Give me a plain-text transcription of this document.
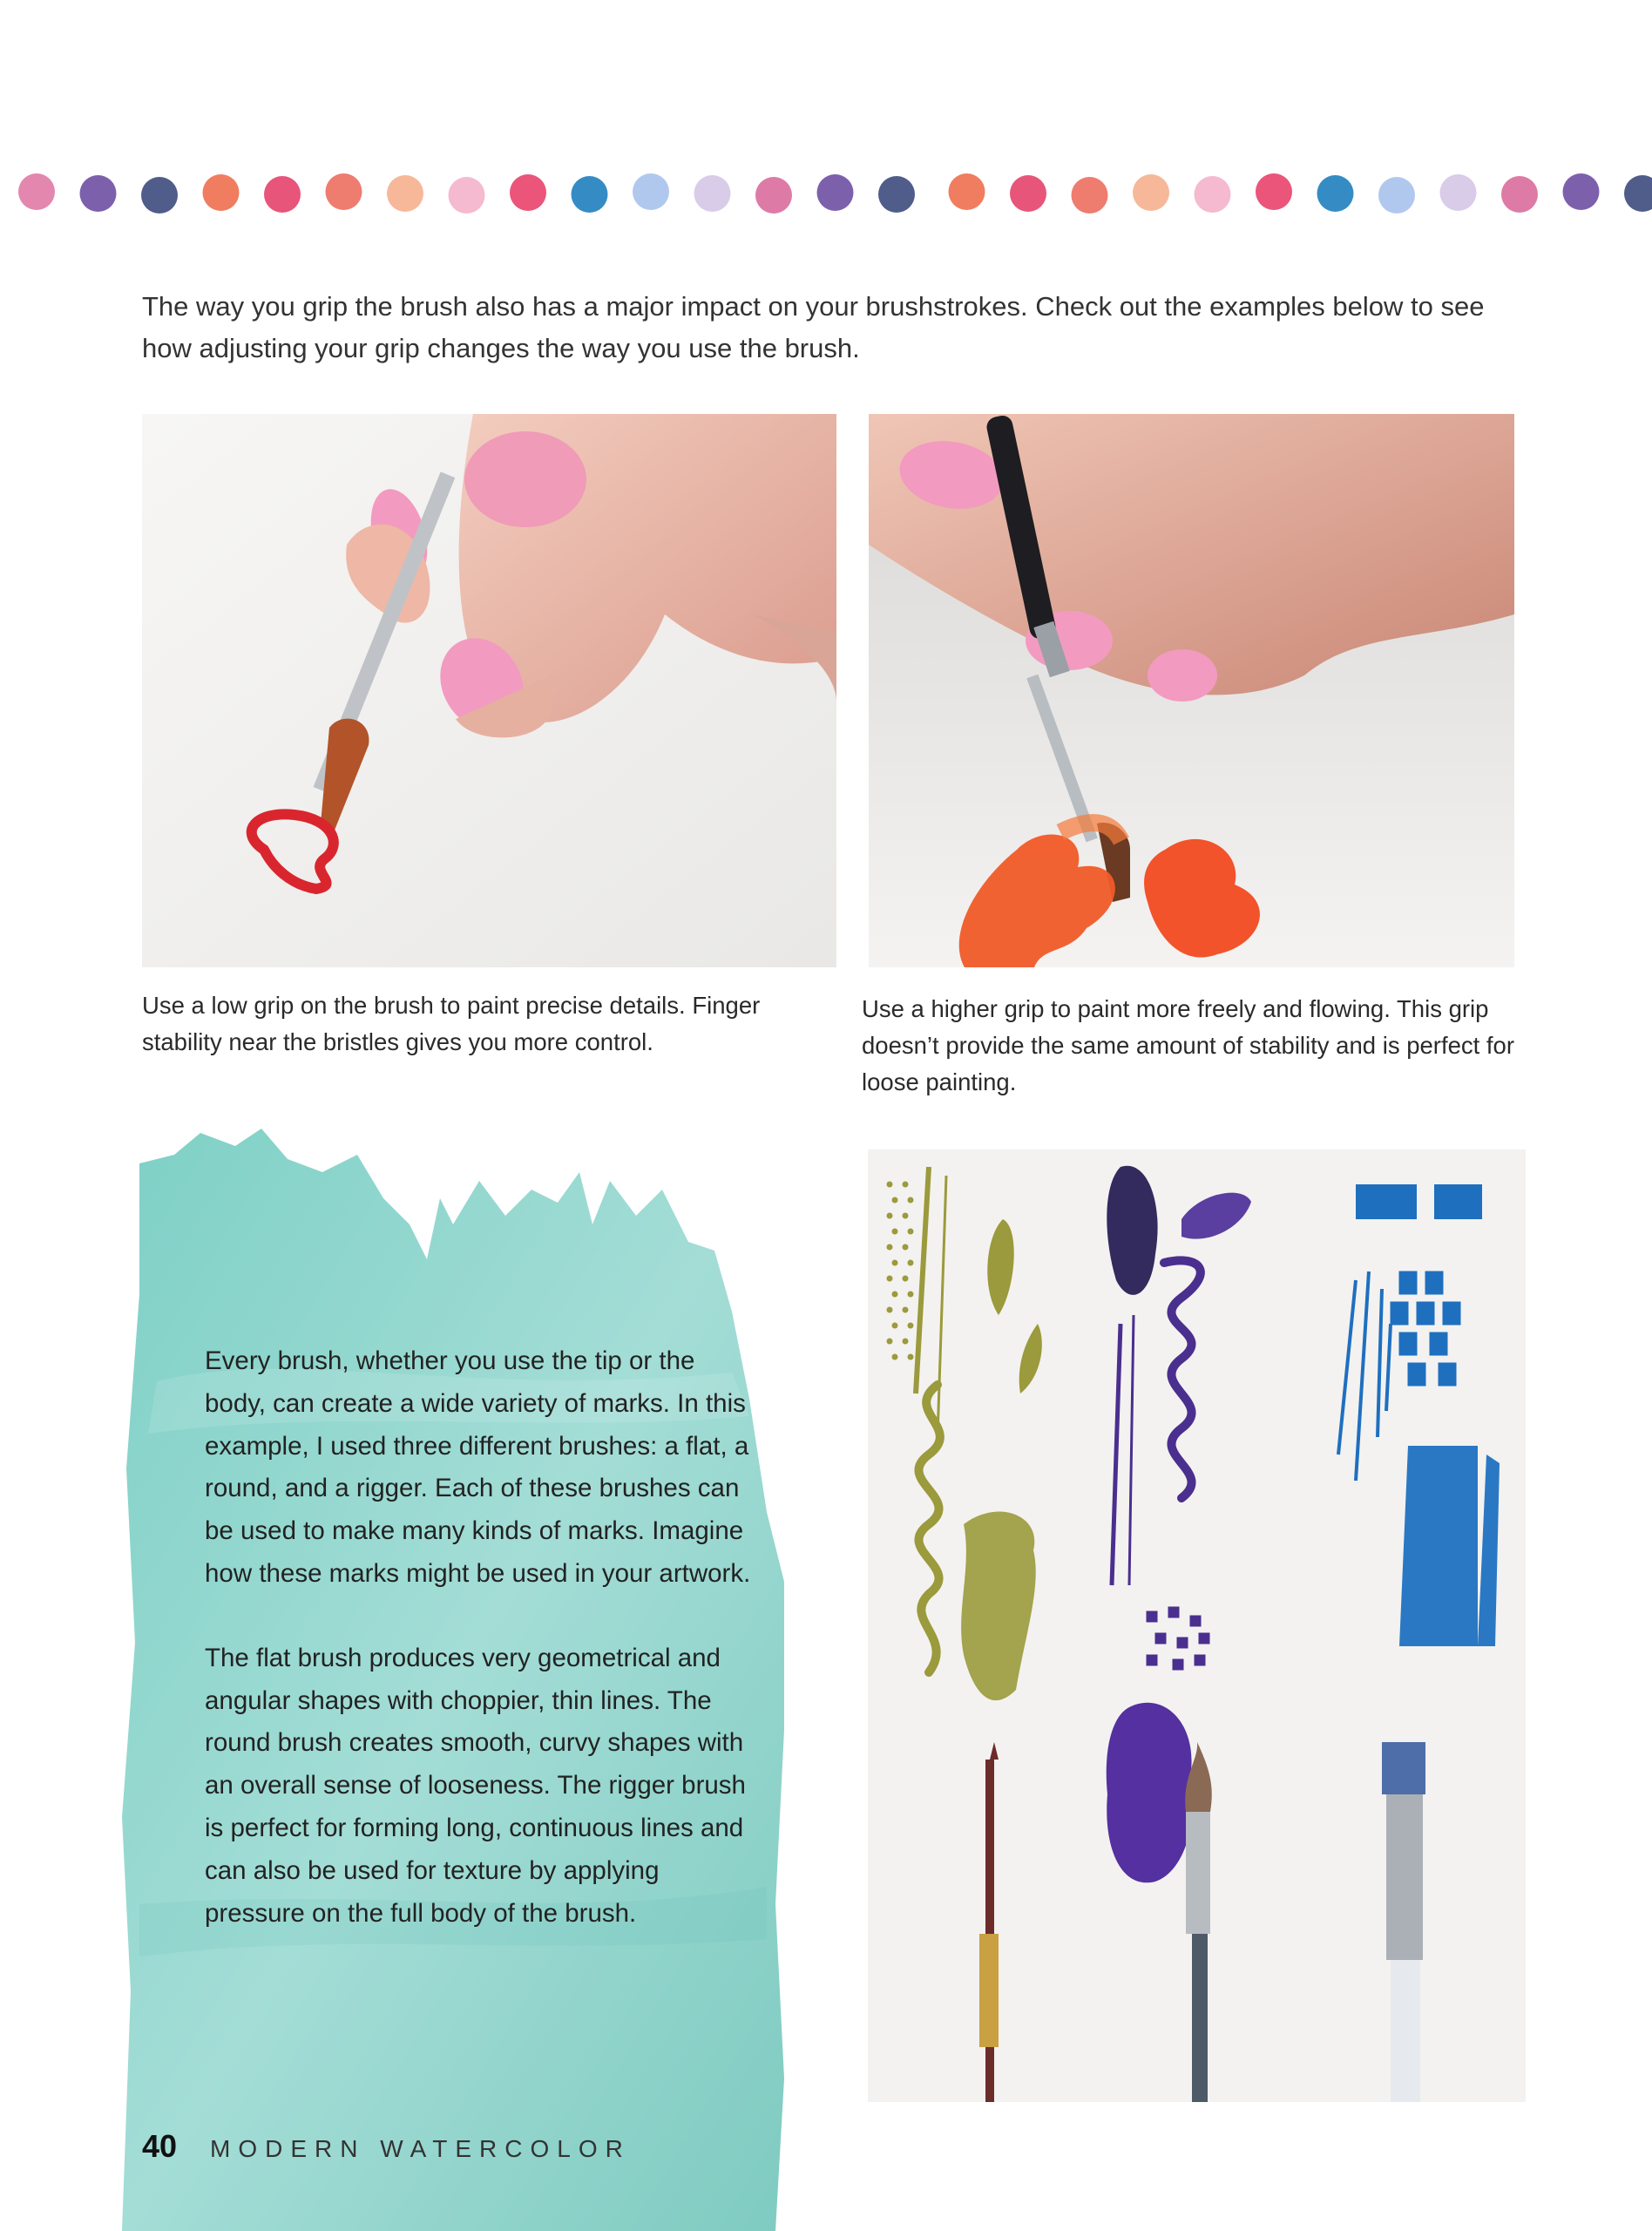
The way you grip the brush also has a major impact on your brushstrokes. Check out the examples below to see how adjusting your grip changes the way you use the brush.
Use a low grip on the brush to paint precise details. Finger stability near the bristles gives you more control.
Use a higher grip to paint more freely and flowing. This grip doesn’t provide the same amount of stability and is perfect for loose painting.

Every brush, whether you use the tip or the body, can create a wide variety of marks. In this example, I used three different brushes: a flat, a round, and a rigger. Each of these brushes can be used to make many kinds of marks. Imagine how these marks might be used in your artwork.

The flat brush produces very geometrical and angular shapes with choppier, thin lines. The round brush creates smooth, curvy shapes with an overall sense of looseness. The rigger brush is perfect for forming long, continuous lines and can also be used for texture by applying pressure on the full body of the brush.

40 MODERN WATERCOLOR
